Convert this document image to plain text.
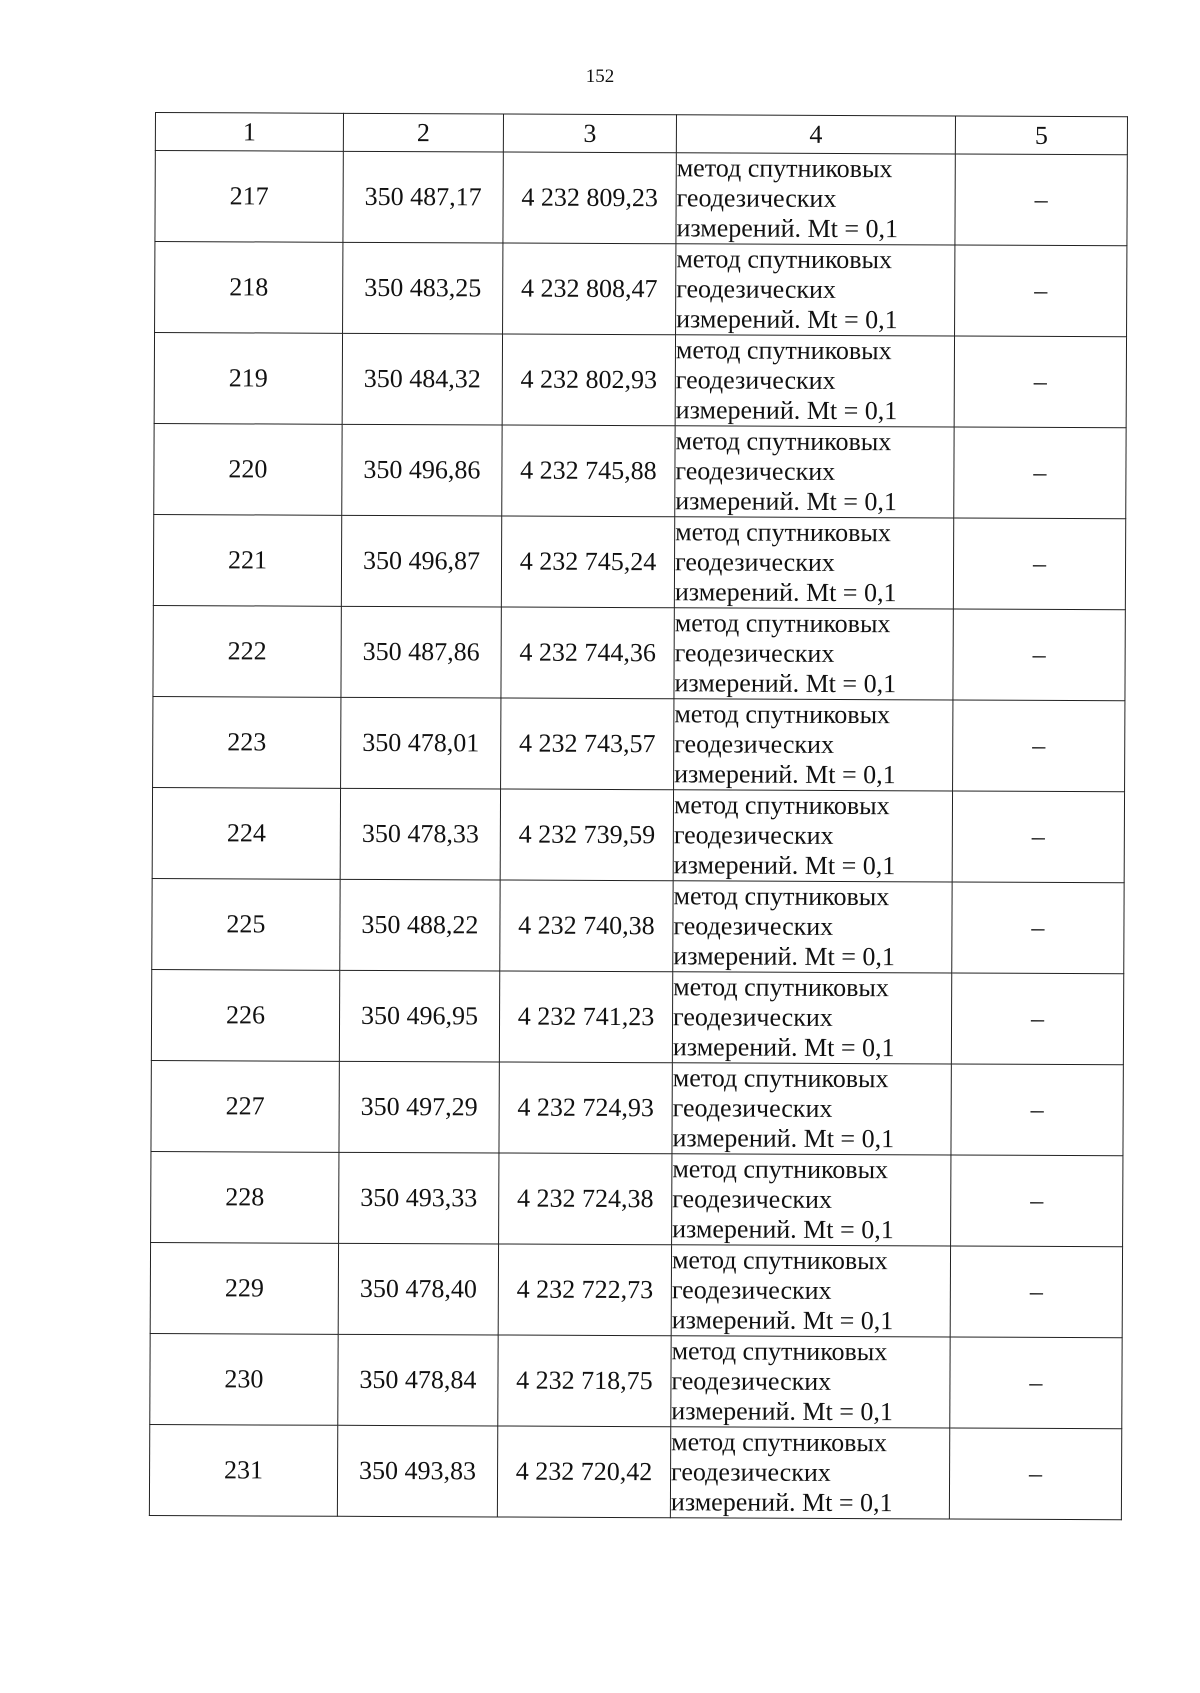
152
1	2	3	4	5
217	350 487,17	4 232 809,23	метод спутниковых
геодезических
измерений. Mt = 0,1	–
218	350 483,25	4 232 808,47	метод спутниковых
геодезических
измерений. Mt = 0,1	–
219	350 484,32	4 232 802,93	метод спутниковых
геодезических
измерений. Mt = 0,1	–
220	350 496,86	4 232 745,88	метод спутниковых
геодезических
измерений. Mt = 0,1	–
221	350 496,87	4 232 745,24	метод спутниковых
геодезических
измерений. Mt = 0,1	–
222	350 487,86	4 232 744,36	метод спутниковых
геодезических
измерений. Mt = 0,1	–
223	350 478,01	4 232 743,57	метод спутниковых
геодезических
измерений. Mt = 0,1	–
224	350 478,33	4 232 739,59	метод спутниковых
геодезических
измерений. Mt = 0,1	–
225	350 488,22	4 232 740,38	метод спутниковых
геодезических
измерений. Mt = 0,1	–
226	350 496,95	4 232 741,23	метод спутниковых
геодезических
измерений. Mt = 0,1	–
227	350 497,29	4 232 724,93	метод спутниковых
геодезических
измерений. Mt = 0,1	–
228	350 493,33	4 232 724,38	метод спутниковых
геодезических
измерений. Mt = 0,1	–
229	350 478,40	4 232 722,73	метод спутниковых
геодезических
измерений. Mt = 0,1	–
230	350 478,84	4 232 718,75	метод спутниковых
геодезических
измерений. Mt = 0,1	–
231	350 493,83	4 232 720,42	метод спутниковых
геодезических
измерений. Mt = 0,1	–
